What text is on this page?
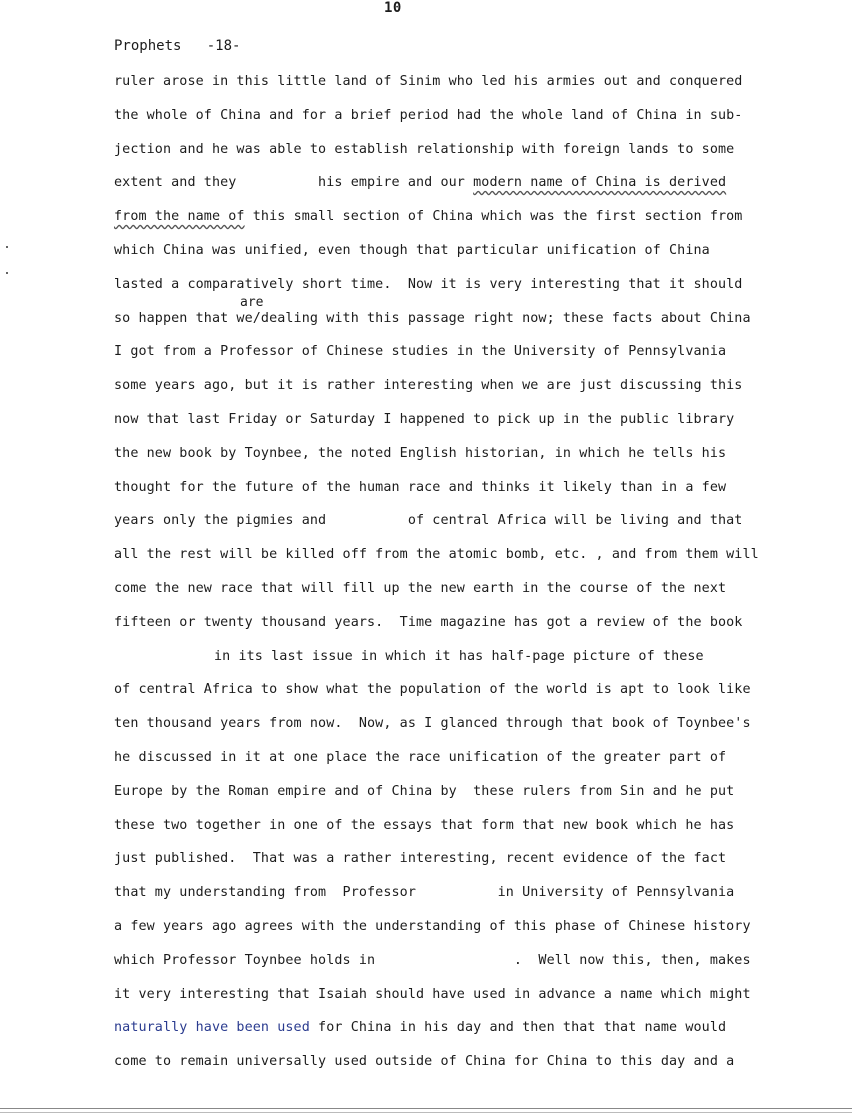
10
Prophets -18-
are
ruler arose in this little land of Sinim who led his armies out and conquered
the whole of China and for a brief period had the whole land of China in sub-
jection and he was able to establish relationship with foreign lands to some
extent and they          his empire and our modern name of China is derived
from the name of this small section of China which was the first section from
which China was unified, even though that particular unification of China
lasted a comparatively short time.  Now it is very interesting that it should
so happen that we/dealing with this passage right now; these facts about China
I got from a Professor of Chinese studies in the University of Pennsylvania
some years ago, but it is rather interesting when we are just discussing this
now that last Friday or Saturday I happened to pick up in the public library
the new book by Toynbee, the noted English historian, in which he tells his
thought for the future of the human race and thinks it likely than in a few
years only the pigmies and          of central Africa will be living and that
all the rest will be killed off from the atomic bomb, etc. , and from them will
come the new race that will fill up the new earth in the course of the next
fifteen or twenty thousand years.  Time magazine has got a review of the book
in its last issue in which it has half-page picture of these
of central Africa to show what the population of the world is apt to look like
ten thousand years from now.  Now, as I glanced through that book of Toynbee's
he discussed in it at one place the race unification of the greater part of
Europe by the Roman empire and of China by  these rulers from Sin and he put
these two together in one of the essays that form that new book which he has
just published.  That was a rather interesting, recent evidence of the fact
that my understanding from  Professor          in University of Pennsylvania
a few years ago agrees with the understanding of this phase of Chinese history
which Professor Toynbee holds in                 .  Well now this, then, makes
it very interesting that Isaiah should have used in advance a name which might
naturally have been used for China in his day and then that that name would
come to remain universally used outside of China for China to this day and a
